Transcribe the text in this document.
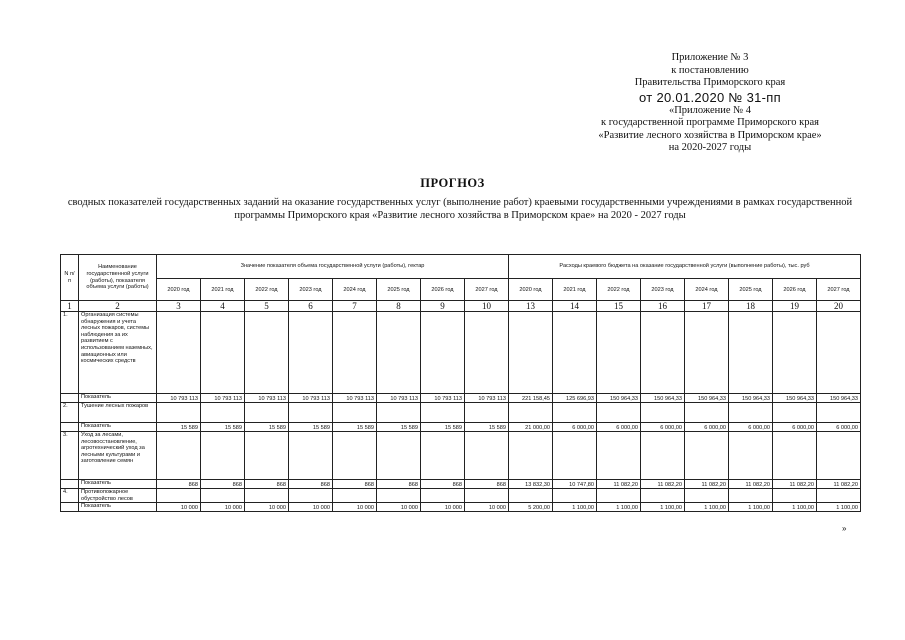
Приложение № 3
к постановлению
Правительства Приморского края
от 20.01.2020 № 31-пп
«Приложение № 4
к государственной программе Приморского края
«Развитие лесного хозяйства в Приморском крае»
на 2020-2027 годы
ПРОГНОЗ
сводных показателей государственных заданий на оказание государственных услуг (выполнение работ) краевыми государственными учреждениями в рамках государственной программы Приморского края «Развитие лесного хозяйства в Приморском крае» на 2020 - 2027 годы
N п/п	Наименование государственной услуги (работы), показателя объема услуги (работы)	Значение показателя объема государственной услуги (работы), гектар								Расходы краевого бюджета на оказание государственной услуги (выполнение работы), тыс. руб							
		2020 год	2021 год	2022 год	2023 год	2024 год	2025 год	2026 год	2027 год	2020 год	2021 год	2022 год	2023 год	2024 год	2025 год	2026 год	2027 год
1	2	3	4	5	6	7	8	9	10	13	14	15	16	17	18	19	20
1.	Организация системы обнаружения и учета лесных пожаров, системы наблюдения за их развитием с использованием наземных, авиационных или космических средств																
	Показатель	10 793 113	10 793 113	10 793 113	10 793 113	10 793 113	10 793 113	10 793 113	10 793 113	221 158,45	125 696,93	150 964,33	150 964,33	150 964,33	150 964,33	150 964,33	150 964,33
2.	Тушение лесных пожаров																
	Показатель	15 589	15 589	15 589	15 589	15 589	15 589	15 589	15 589	21 000,00	6 000,00	6 000,00	6 000,00	6 000,00	6 000,00	6 000,00	6 000,00
3.	Уход за лесами, лесовосстановление, агротехнический уход за лесными культурами и заготовление семян																
	Показатель	868	868	868	868	868	868	868	868	13 832,30	10 747,80	11 082,20	11 082,20	11 082,20	11 082,20	11 082,20	11 082,20
4.	Противопожарное обустройство лесов																
	Показатель	10 000	10 000	10 000	10 000	10 000	10 000	10 000	10 000	5 200,00	1 100,00	1 100,00	1 100,00	1 100,00	1 100,00	1 100,00	1 100,00
»
